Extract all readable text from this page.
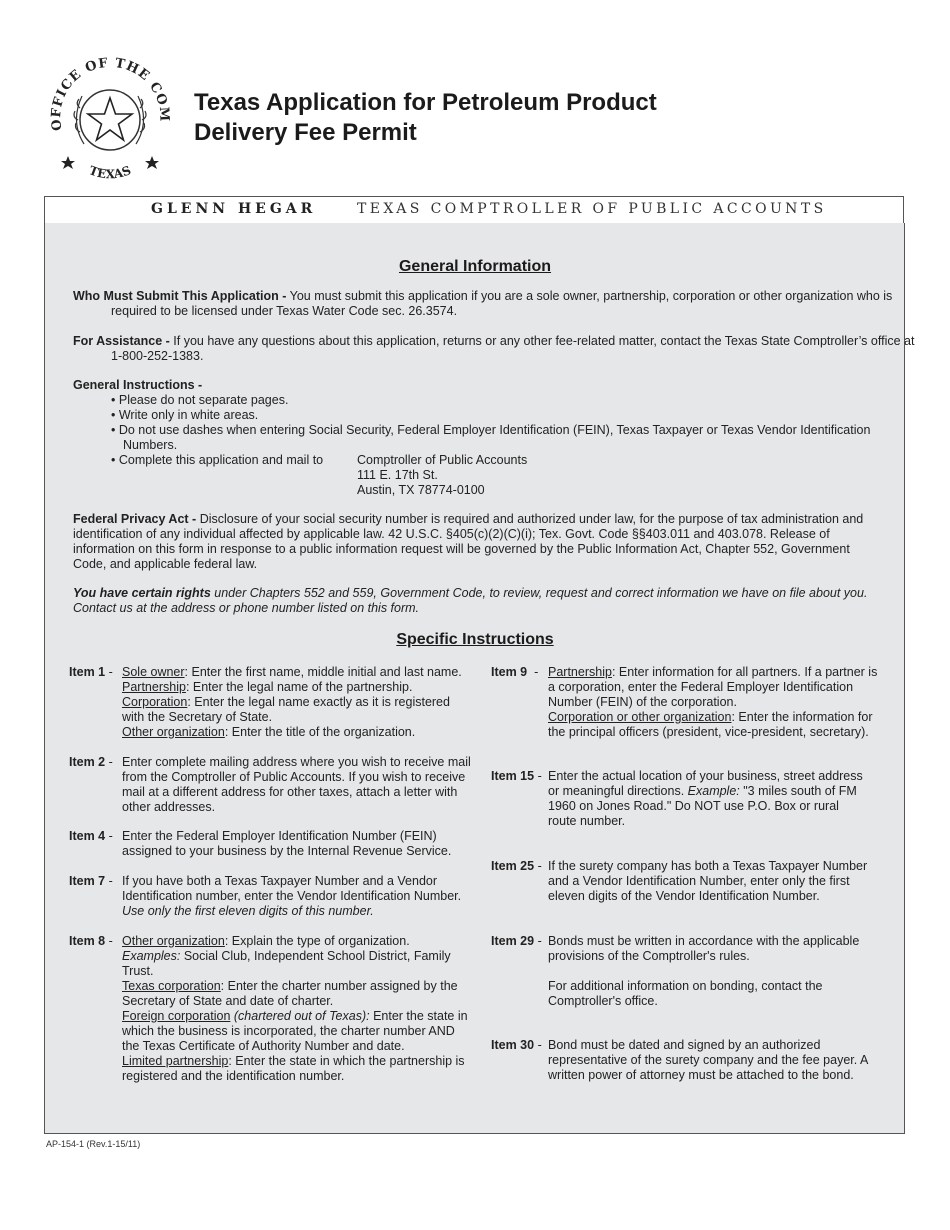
OFFICE OF THE COM
TEXAS
Texas Application for Petroleum Product
Delivery Fee Permit
GLENN HEGAR	TEXAS COMPTROLLER OF PUBLIC ACCOUNTS
General Information
Who Must Submit This Application - You must submit this application if you are a sole owner, partnership, corporation or other organization who is required to be licensed under Texas Water Code sec. 26.3574.
For Assistance - If you have any questions about this application, returns or any other fee-related matter, contact the Texas State Comptroller’s office at 1-800-252-1383.
General Instructions -
• Please do not separate pages.
• Write only in white areas.
• Do not use dashes when entering Social Security, Federal Employer Identification (FEIN), Texas Taxpayer or Texas Vendor Identification Numbers.
• Complete this application and mail to	Comptroller of Public Accounts
111 E. 17th St.
Austin, TX 78774-0100
Federal Privacy Act - Disclosure of your social security number is required and authorized under law, for the purpose of tax administration and identification of any individual affected by applicable law. 42 U.S.C. §405(c)(2)(C)(i); Tex. Govt. Code §§403.011 and 403.078. Release of information on this form in response to a public information request will be governed by the Public Information Act, Chapter 552, Government Code, and applicable federal law.
You have certain rights under Chapters 552 and 559, Government Code, to review, request and correct information we have on file about you. Contact us at the address or phone number listed on this form.
Specific Instructions
Item 1 - Sole owner: Enter the first name, middle initial and last name.
Partnership: Enter the legal name of the partnership.
Corporation: Enter the legal name exactly as it is registered with the Secretary of State.
Other organization: Enter the title of the organization.
Item 2 - Enter complete mailing address where you wish to receive mail from the Comptroller of Public Accounts. If you wish to receive mail at a different address for other taxes, attach a letter with other addresses.
Item 4 - Enter the Federal Employer Identification Number (FEIN) assigned to your business by the Internal Revenue Service.
Item 7 - If you have both a Texas Taxpayer Number and a Vendor Identification number, enter the Vendor Identification Number.
Use only the first eleven digits of this number.
Item 8 - Other organization: Explain the type of organization.
Examples: Social Club, Independent School District, Family Trust.
Texas corporation: Enter the charter number assigned by the Secretary of State and date of charter.
Foreign corporation (chartered out of Texas): Enter the state in which the business is incorporated, the charter number AND the Texas Certificate of Authority Number and date.
Limited partnership: Enter the state in which the partnership is registered and the identification number.
Item 9 - Partnership: Enter information for all partners. If a partner is a corporation, enter the Federal Employer Identification Number (FEIN) of the corporation.
Corporation or other organization: Enter the information for the principal officers (president, vice-president, secretary).
Item 15 - Enter the actual location of your business, street address or meaningful directions. Example: "3 miles south of FM 1960 on Jones Road." Do NOT use P.O. Box or rural route number.
Item 25 - If the surety company has both a Texas Taxpayer Number and a Vendor Identification Number, enter only the first eleven digits of the Vendor Identification Number.
Item 29 - Bonds must be written in accordance with the applicable provisions of the Comptroller's rules.
For additional information on bonding, contact the Comptroller's office.
Item 30 - Bond must be dated and signed by an authorized representative of the surety company and the fee payer. A written power of attorney must be attached to the bond.
AP-154-1 (Rev.1-15/11)
